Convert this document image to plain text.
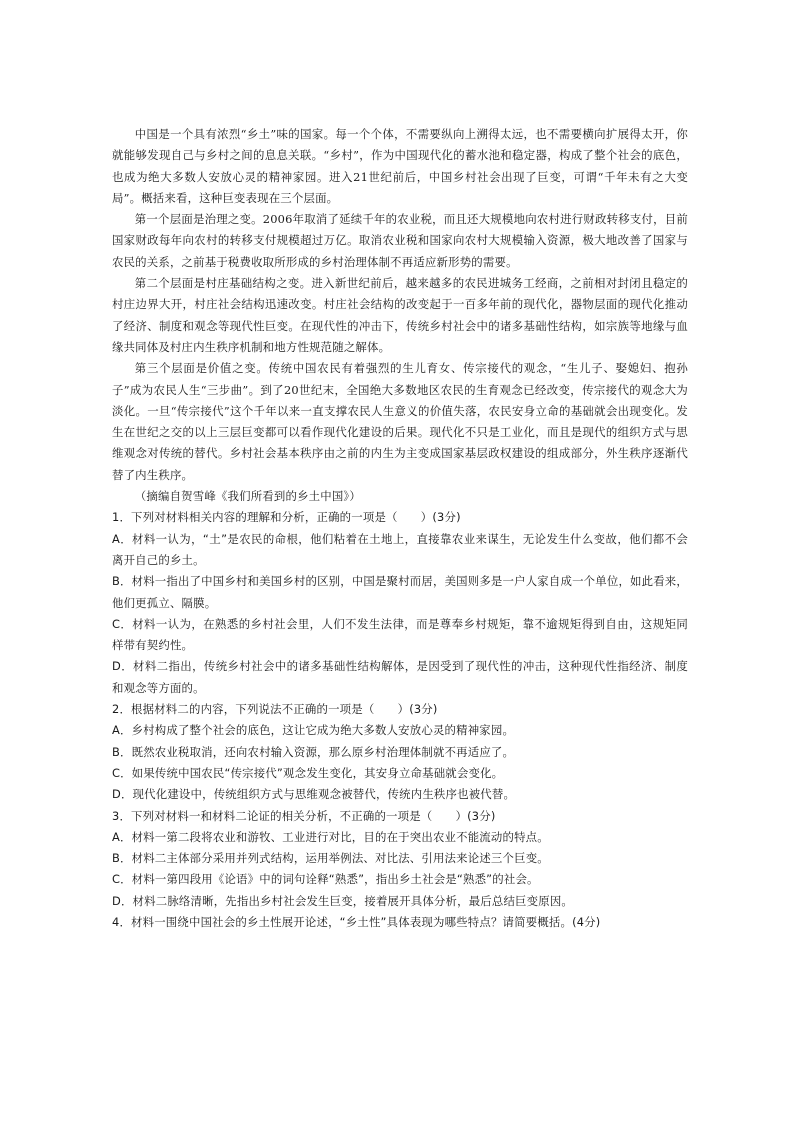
中国是一个具有浓烈“乡土”味的国家。每一个个体，不需要纵向上溯得太远，也不需要横向扩展得太开，你就能够发现自己与乡村之间的息息关联。“乡村”，作为中国现代化的蓄水池和稳定器，构成了整个社会的底色，也成为绝大多数人安放心灵的精神家园。进入21世纪前后，中国乡村社会出现了巨变，可谓“千年未有之大变局”。概括来看，这种巨变表现在三个层面。

第一个层面是治理之变。2006年取消了延续千年的农业税，而且还大规模地向农村进行财政转移支付，目前国家财政每年向农村的转移支付规模超过万亿。取消农业税和国家向农村大规模输入资源，极大地改善了国家与农民的关系，之前基于税费收取所形成的乡村治理体制不再适应新形势的需要。

第二个层面是村庄基础结构之变。进入新世纪前后，越来越多的农民进城务工经商，之前相对封闭且稳定的村庄边界大开，村庄社会结构迅速改变。村庄社会结构的改变起于一百多年前的现代化，器物层面的现代化推动了经济、制度和观念等现代性巨变。在现代性的冲击下，传统乡村社会中的诸多基础性结构，如宗族等地缘与血缘共同体及村庄内生秩序机制和地方性规范随之解体。

第三个层面是价值之变。传统中国农民有着强烈的生儿育女、传宗接代的观念，“生儿子、娶媳妇、抱孙子”成为农民人生“三步曲”。到了20世纪末，全国绝大多数地区农民的生育观念已经改变，传宗接代的观念大为淡化。一旦“传宗接代”这个千年以来一直支撑农民人生意义的价值失落，农民安身立命的基础就会出现变化。发生在世纪之交的以上三层巨变都可以看作现代化建设的后果。现代化不只是工业化，而且是现代的组织方式与思维观念对传统的替代。乡村社会基本秩序由之前的内生为主变成国家基层政权建设的组成部分，外生秩序逐渐代替了内生秩序。

（摘编自贺雪峰《我们所看到的乡土中国》）

1．下列对材料相关内容的理解和分析，正确的一项是（　　）(3分)

A．材料一认为，“土”是农民的命根，他们粘着在土地上，直接靠农业来谋生，无论发生什么变故，他们都不会离开自己的乡土。

B．材料一指出了中国乡村和美国乡村的区别，中国是聚村而居，美国则多是一户人家自成一个单位，如此看来，他们更孤立、隔膜。

C．材料一认为，在熟悉的乡村社会里，人们不发生法律，而是尊奉乡村规矩，靠不逾规矩得到自由，这规矩同样带有契约性。

D．材料二指出，传统乡村社会中的诸多基础性结构解体，是因受到了现代性的冲击，这种现代性指经济、制度和观念等方面的。

2．根据材料二的内容，下列说法不正确的一项是（　　）(3分)

A．乡村构成了整个社会的底色，这让它成为绝大多数人安放心灵的精神家园。

B．既然农业税取消，还向农村输入资源，那么原乡村治理体制就不再适应了。

C．如果传统中国农民“传宗接代”观念发生变化，其安身立命基础就会变化。

D．现代化建设中，传统组织方式与思维观念被替代，传统内生秩序也被代替。

3．下列对材料一和材料二论证的相关分析，不正确的一项是（　　）(3分)

A．材料一第二段将农业和游牧、工业进行对比，目的在于突出农业不能流动的特点。

B．材料二主体部分采用并列式结构，运用举例法、对比法、引用法来论述三个巨变。

C．材料一第四段用《论语》中的词句诠释“熟悉”，指出乡土社会是“熟悉”的社会。

D．材料二脉络清晰，先指出乡村社会发生巨变，接着展开具体分析，最后总结巨变原因。

4．材料一围绕中国社会的乡土性展开论述，“乡土性”具体表现为哪些特点？请简要概括。(4分)
